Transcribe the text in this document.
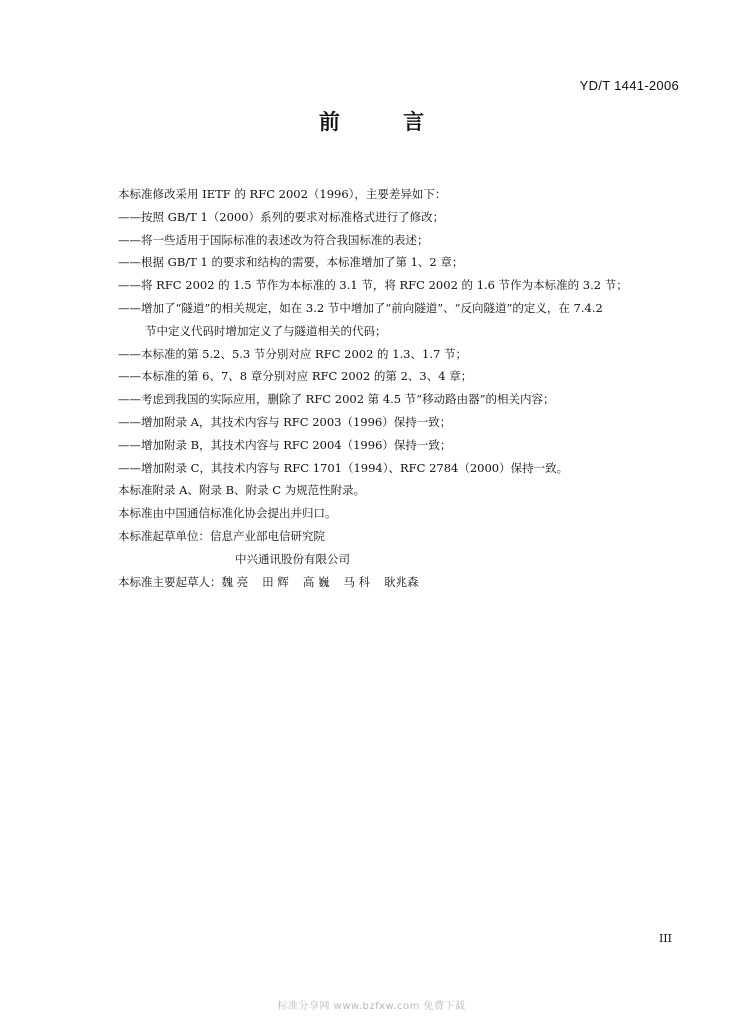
YD/T 1441-2006
前 言
本标准修改采用 IETF 的 RFC 2002（1996），主要差异如下：
——按照 GB/T 1（2000）系列的要求对标准格式进行了修改；
——将一些适用于国际标准的表述改为符合我国标准的表述；
——根据 GB/T 1 的要求和结构的需要，本标准增加了第 1、2 章；
——将 RFC 2002 的 1.5 节作为本标准的 3.1 节，将 RFC 2002 的 1.6 节作为本标准的 3.2 节；
——增加了“隧道”的相关规定，如在 3.2 节中增加了“前向隧道”、“反向隧道”的定义，在 7.4.2
节中定义代码时增加定义了与隧道相关的代码；
——本标准的第 5.2、5.3 节分别对应 RFC 2002 的 1.3、1.7 节；
——本标准的第 6、7、8 章分别对应 RFC 2002 的第 2、3、4 章；
——考虑到我国的实际应用，删除了 RFC 2002 第 4.5 节“移动路由器”的相关内容；
——增加附录 A，其技术内容与 RFC 2003（1996）保持一致；
——增加附录 B，其技术内容与 RFC 2004（1996）保持一致；
——增加附录 C，其技术内容与 RFC 1701（1994）、RFC 2784（2000）保持一致。
本标准附录 A、附录 B、附录 C 为规范性附录。
本标准由中国通信标准化协会提出并归口。
本标准起草单位：信息产业部电信研究院
中兴通讯股份有限公司
本标准主要起草人：魏 亮 田 辉 高 巍 马 科 耿兆森
III
标准分享网 www.bzfxw.com 免费下载
